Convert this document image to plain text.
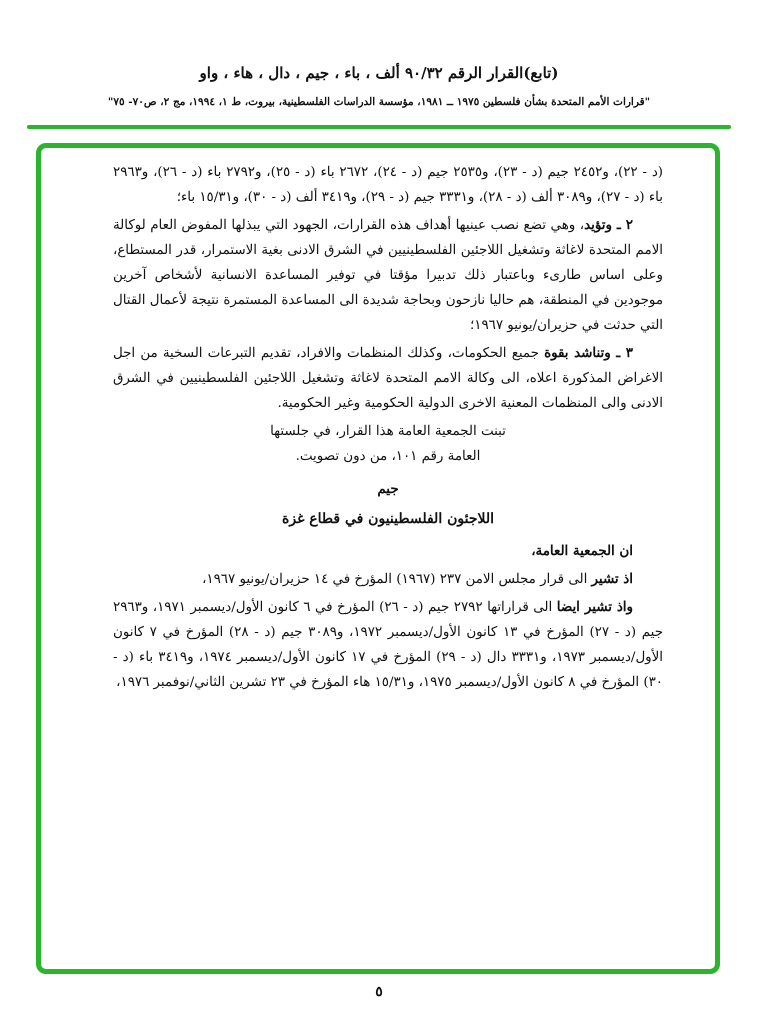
(تابع)القرار الرقم ٩٠/٣٢ ألف ، باء ، جيم ، دال ، هاء ، واو
"قرارات الأمم المتحدة بشأن فلسطين ١٩٧٥ ــ ١٩٨١، مؤسسة الدراسات الفلسطينية، بيروت، ط ١، ١٩٩٤، مج ٢، ص٧٠- ٧٥"

(د - ٢٢)، و٢٤٥٢ جيم (د - ٢٣)، و٢٥٣٥ جيم (د - ٢٤)، ٢٦٧٢ باء (د - ٢٥)، و٢٧٩٢ باء (د - ٢٦)، و٢٩٦٣ باء (د - ٢٧)، و٣٠٨٩ ألف (د - ٢٨)، و٣٣٣١ جيم (د - ٢٩)، و٣٤١٩ ألف (د - ٣٠)، و١٥/٣١ باء؛

٢ ـ وتؤيد، وهي تضع نصب عينيها أهداف هذه القرارات، الجهود التي يبذلها المفوض العام لوكالة الامم المتحدة لاغاثة وتشغيل اللاجئين الفلسطينيين في الشرق الادنى بغية الاستمرار، قدر المستطاع، وعلى اساس طارىء وباعتبار ذلك تدبيرا مؤقتا في توفير المساعدة الانسانية لأشخاص آخرين موجودين في المنطقة، هم حاليا نازحون وبحاجة شديدة الى المساعدة المستمرة نتيجة لأعمال القتال التي حدثت في حزيران/يونيو ١٩٦٧؛

٣ ـ وتناشد بقوة جميع الحكومات، وكذلك المنظمات والافراد، تقديم التبرعات السخية من اجل الاغراض المذكورة اعلاه، الى وكالة الامم المتحدة لاغاثة وتشغيل اللاجئين الفلسطينيين في الشرق الادنى والى المنظمات المعنية الاخرى الدولية الحكومية وغير الحكومية.

تبنت الجمعية العامة هذا القرار، في جلستها العامة رقم ١٠١، من دون تصويت.

جيم
اللاجئون الفلسطينيون في قطاع غزة

ان الجمعية العامة،

اذ تشير الى قرار مجلس الامن ٢٣٧ (١٩٦٧) المؤرخ في ١٤ حزيران/يونيو ١٩٦٧،

واذ تشير ايضا الى قراراتها ٢٧٩٢ جيم (د - ٢٦) المؤرخ في ٦ كانون الأول/ديسمبر ١٩٧١، و٢٩٦٣ جيم (د - ٢٧) المؤرخ في ١٣ كانون الأول/ديسمبر ١٩٧٢، و٣٠٨٩ جيم (د - ٢٨) المؤرخ في ٧ كانون الأول/ديسمبر ١٩٧٣، و٣٣٣١ دال (د - ٢٩) المؤرخ في ١٧ كانون الأول/ديسمبر ١٩٧٤، و٣٤١٩ باء (د - ٣٠) المؤرخ في ٨ كانون الأول/ديسمبر ١٩٧٥، و١٥/٣١ هاء المؤرخ في ٢٣ تشرين الثاني/نوفمبر ١٩٧٦،

٥
